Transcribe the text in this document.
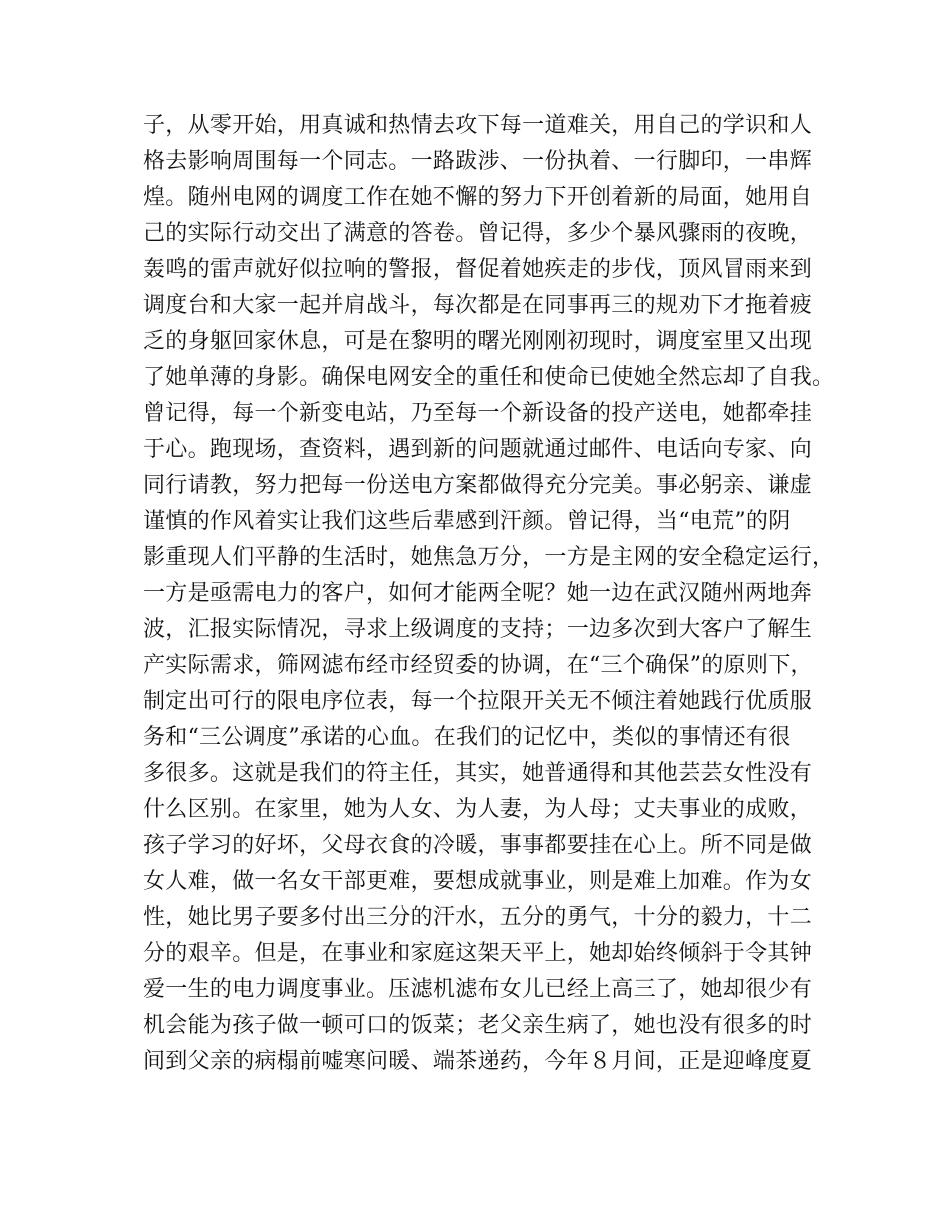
子，从零开始，用真诚和热情去攻下每一道难关，用自己的学识和人
格去影响周围每一个同志。一路跋涉、一份执着、一行脚印，一串辉
煌。随州电网的调度工作在她不懈的努力下开创着新的局面，她用自
己的实际行动交出了满意的答卷。曾记得，多少个暴风骤雨的夜晚，
轰鸣的雷声就好似拉响的警报，督促着她疾走的步伐，顶风冒雨来到
调度台和大家一起并肩战斗，每次都是在同事再三的规劝下才拖着疲
乏的身躯回家休息，可是在黎明的曙光刚刚初现时，调度室里又出现
了她单薄的身影。确保电网安全的重任和使命已使她全然忘却了自我。
曾记得，每一个新变电站，乃至每一个新设备的投产送电，她都牵挂
于心。跑现场，查资料，遇到新的问题就通过邮件、电话向专家、向
同行请教，努力把每一份送电方案都做得充分完美。事必躬亲、谦虚
谨慎的作风着实让我们这些后辈感到汗颜。曾记得，当“电荒”的阴
影重现人们平静的生活时，她焦急万分，一方是主网的安全稳定运行，
一方是亟需电力的客户，如何才能两全呢？她一边在武汉随州两地奔
波，汇报实际情况，寻求上级调度的支持；一边多次到大客户了解生
产实际需求，筛网滤布经市经贸委的协调，在“三个确保”的原则下，
制定出可行的限电序位表，每一个拉限开关无不倾注着她践行优质服
务和“三公调度”承诺的心血。在我们的记忆中，类似的事情还有很
多很多。这就是我们的符主任，其实，她普通得和其他芸芸女性没有
什么区别。在家里，她为人女、为人妻，为人母；丈夫事业的成败，
孩子学习的好坏，父母衣食的冷暖，事事都要挂在心上。所不同是做
女人难，做一名女干部更难，要想成就事业，则是难上加难。作为女
性，她比男子要多付出三分的汗水，五分的勇气，十分的毅力，十二
分的艰辛。但是，在事业和家庭这架天平上，她却始终倾斜于令其钟
爱一生的电力调度事业。压滤机滤布女儿已经上高三了，她却很少有
机会能为孩子做一顿可口的饭菜；老父亲生病了，她也没有很多的时
间到父亲的病榻前嘘寒问暖、端茶递药，今年８月间，正是迎峰度夏
